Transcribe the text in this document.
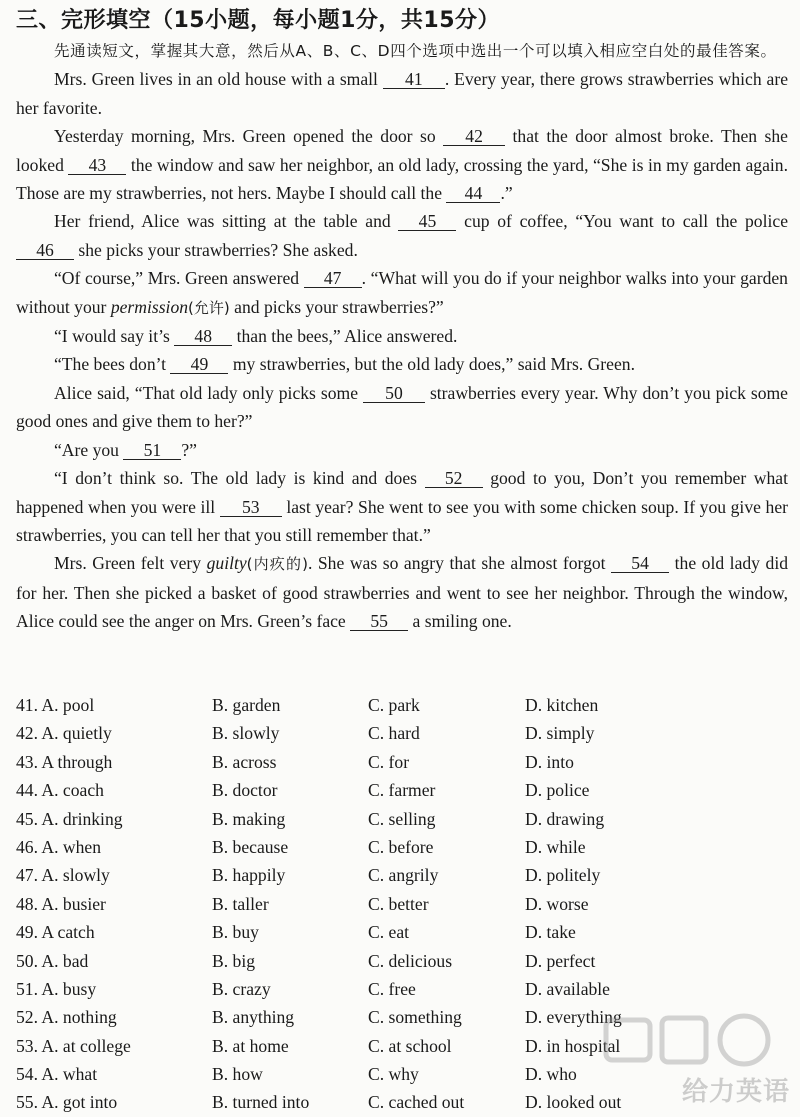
三、完形填空（15小题，每小题1分，共15分）

先通读短文，掌握其大意，然后从A、B、C、D四个选项中选出一个可以填入相应空白处的最佳答案。

Mrs. Green lives in an old house with a small 41 . Every year, there grows strawberries which are her favorite.

Yesterday morning, Mrs. Green opened the door so 42 that the door almost broke. Then she looked 43 the window and saw her neighbor, an old lady, crossing the yard, “She is in my garden again. Those are my strawberries, not hers. Maybe I should call the 44 .”

Her friend, Alice was sitting at the table and 45 cup of coffee, “You want to call the police 46 she picks your strawberries? She asked.

“Of course,” Mrs. Green answered 47 . “What will you do if your neighbor walks into your garden without your permission(允许) and picks your strawberries?”

“I would say it’s 48 than the bees,” Alice answered.

“The bees don’t 49 my strawberries, but the old lady does,” said Mrs. Green.

Alice said, “That old lady only picks some 50 strawberries every year. Why don’t you pick some good ones and give them to her?”

“Are you 51 ?”

“I don’t think so. The old lady is kind and does 52 good to you, Don’t you remember what happened when you were ill 53 last year? She went to see you with some chicken soup. If you give her strawberries, you can tell her that you still remember that.”

Mrs. Green felt very guilty(内疚的). She was so angry that she almost forgot 54 the old lady did for her. Then she picked a basket of good strawberries and went to see her neighbor. Through the window, Alice could see the anger on Mrs. Green’s face 55 a smiling one.

41. A. pool	B. garden	C. park	D. kitchen
42. A. quietly	B. slowly	C. hard	D. simply
43. A through	B. across	C. for	D. into
44. A. coach	B. doctor	C. farmer	D. police
45. A. drinking	B. making	C. selling	D. drawing
46. A. when	B. because	C. before	D. while
47. A. slowly	B. happily	C. angrily	D. politely
48. A. busier	B. taller	C. better	D. worse
49. A catch	B. buy	C. eat	D. take
50. A. bad	B. big	C. delicious	D. perfect
51. A. busy	B. crazy	C. free	D. available
52. A. nothing	B. anything	C. something	D. everything
53. A. at college	B. at home	C. at school	D. in hospital
54. A. what	B. how	C. why	D. who
55. A. got into	B. turned into	C. cached out	D. looked out 给力英语
